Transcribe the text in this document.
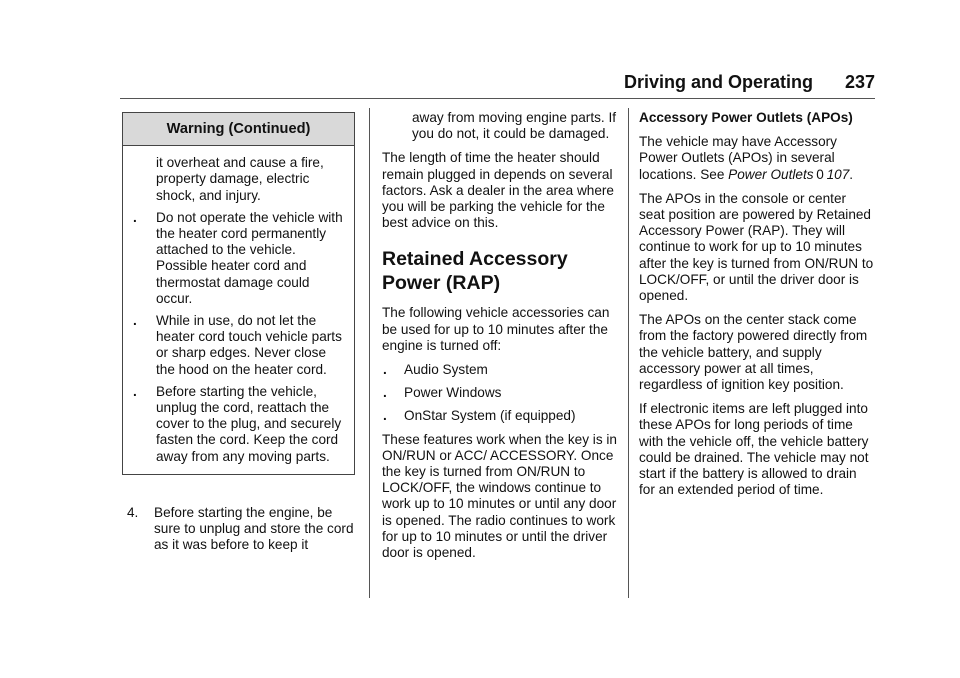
Driving and Operating 237
Warning (Continued)
it overheat and cause a fire, property damage, electric shock, and injury.
. Do not operate the vehicle with the heater cord permanently attached to the vehicle. Possible heater cord and thermostat damage could occur.
. While in use, do not let the heater cord touch vehicle parts or sharp edges. Never close the hood on the heater cord.
. Before starting the vehicle, unplug the cord, reattach the cover to the plug, and securely fasten the cord. Keep the cord away from any moving parts.
4. Before starting the engine, be sure to unplug and store the cord as it was before to keep it
away from moving engine parts. If you do not, it could be damaged.

The length of time the heater should remain plugged in depends on several factors. Ask a dealer in the area where you will be parking the vehicle for the best advice on this.

Retained Accessory Power (RAP)

The following vehicle accessories can be used for up to 10 minutes after the engine is turned off:

. Audio System
. Power Windows
. OnStar System (if equipped)

These features work when the key is in ON/RUN or ACC/ ACCESSORY. Once the key is turned from ON/RUN to LOCK/OFF, the windows continue to work up to 10 minutes or until any door is opened. The radio continues to work for up to 10 minutes or until the driver door is opened.

Accessory Power Outlets (APOs)

The vehicle may have Accessory Power Outlets (APOs) in several locations. See Power Outlets  0  107.

The APOs in the console or center seat position are powered by Retained Accessory Power (RAP). They will continue to work for up to 10 minutes after the key is turned from ON/RUN to LOCK/OFF, or until the driver door is opened.

The APOs on the center stack come from the factory powered directly from the vehicle battery, and supply accessory power at all times, regardless of ignition key position.

If electronic items are left plugged into these APOs for long periods of time with the vehicle off, the vehicle battery could be drained. The vehicle may not start if the battery is allowed to drain for an extended period of time.
